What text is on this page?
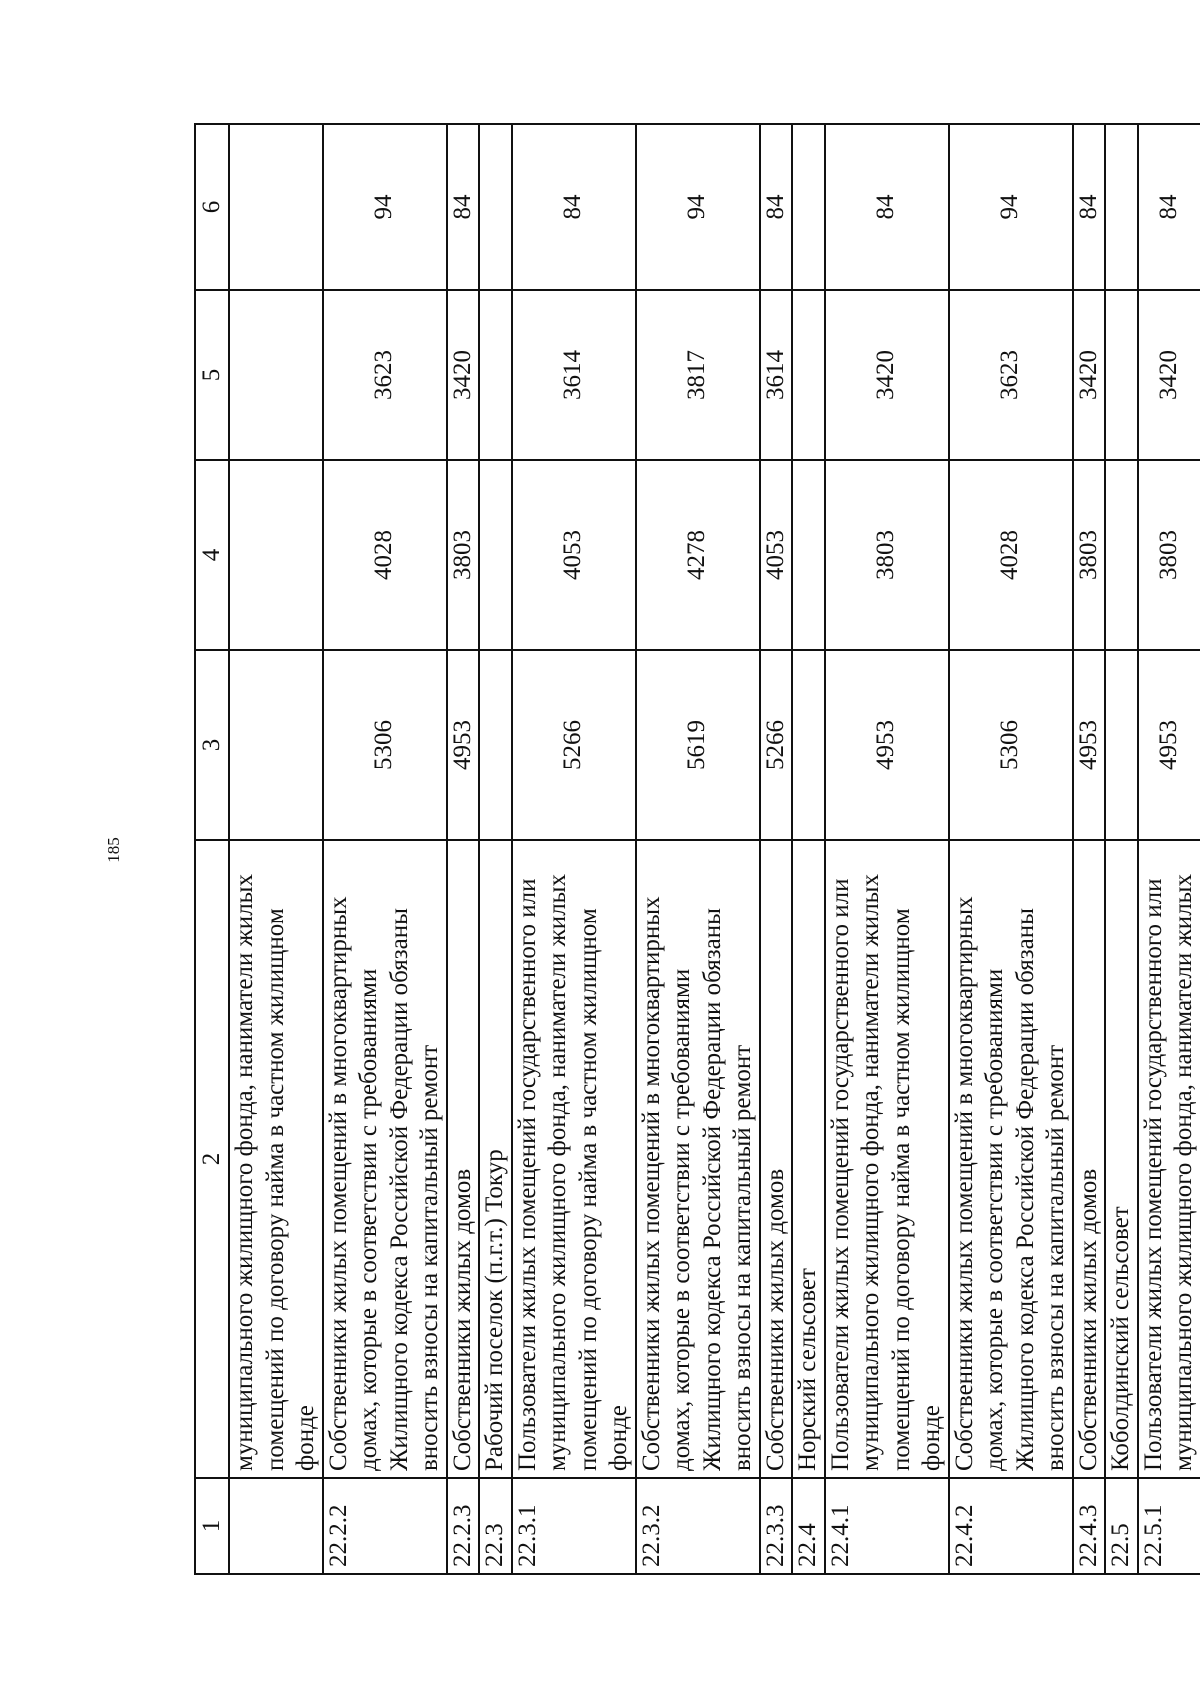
185
1	2	3	4	5	6
	муниципального жилищного фонда, наниматели жилых помещений по договору найма в частном жилищном фонде				
22.2.2	Собственники жилых помещений в многоквартирных домах, которые в соответствии с требованиями Жилищного кодекса Российской Федерации обязаны вносить взносы на капитальный ремонт	5306	4028	3623	94
22.2.3	Собственники жилых домов	4953	3803	3420	84
22.3	Рабочий поселок (п.г.т.) Токур				
22.3.1	Пользователи жилых помещений государственного или муниципального жилищного фонда, наниматели жилых помещений по договору найма в частном жилищном фонде	5266	4053	3614	84
22.3.2	Собственники жилых помещений в многоквартирных домах, которые в соответствии с требованиями Жилищного кодекса Российской Федерации обязаны вносить взносы на капитальный ремонт	5619	4278	3817	94
22.3.3	Собственники жилых домов	5266	4053	3614	84
22.4	Норский сельсовет				
22.4.1	Пользователи жилых помещений государственного или муниципального жилищного фонда, наниматели жилых помещений по договору найма в частном жилищном фонде	4953	3803	3420	84
22.4.2	Собственники жилых помещений в многоквартирных домах, которые в соответствии с требованиями Жилищного кодекса Российской Федерации обязаны вносить взносы на капитальный ремонт	5306	4028	3623	94
22.4.3	Собственники жилых домов	4953	3803	3420	84
22.5	Коболдинский сельсовет				
22.5.1	Пользователи жилых помещений государственного или муниципального жилищного фонда, наниматели жилых	4953	3803	3420	84
